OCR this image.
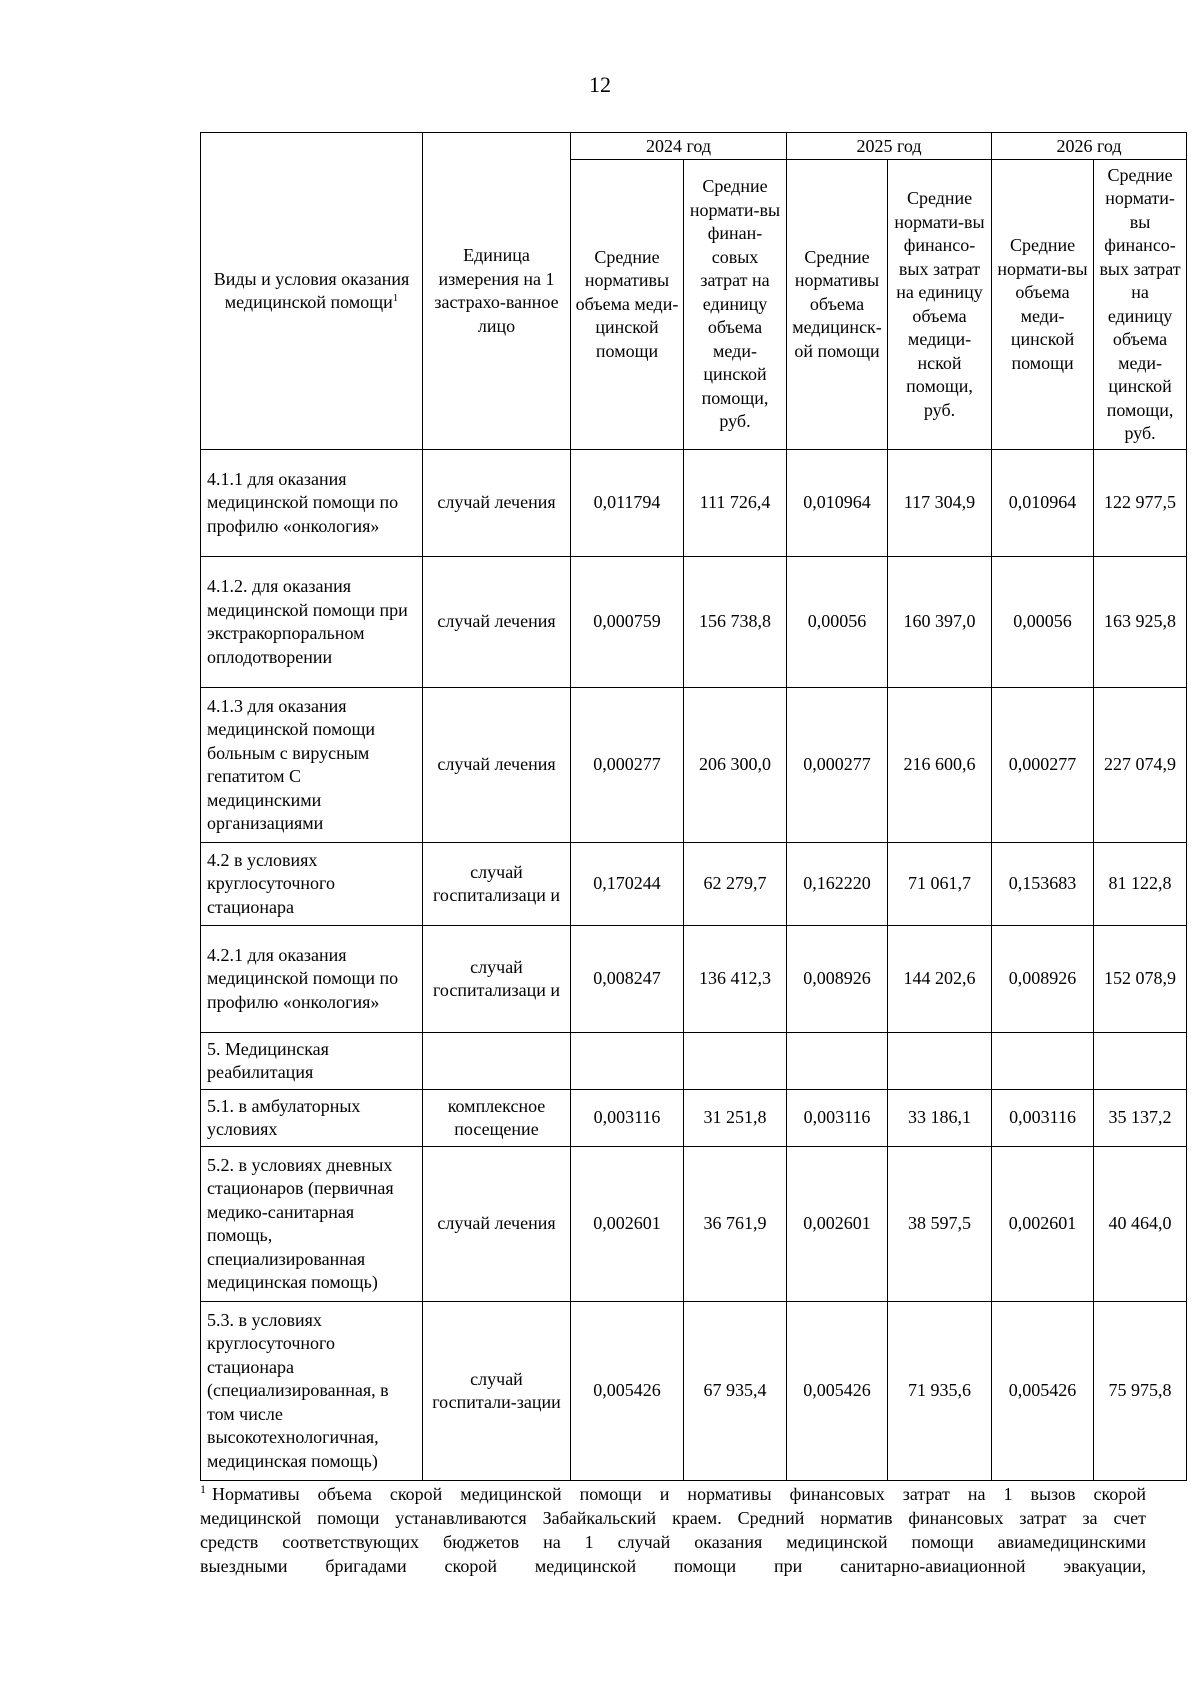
12
Виды и условия оказания медицинской помощи$^1$	Единица измерения на 1 застрахо-ванное лицо	2024 год		2025 год		2026 год	
		Средние нормативы объема меди-цинской помощи	Средние нормати-вы финан-совых затрат на единицу объема меди-цинской помощи, руб.	Средние нормативы объема медицинск-ой помощи	Средние нормати-вы финансо-вых затрат на единицу объема медици-нской помощи, руб.	Средние нормати-вы объема меди-цинской помощи	Средние нормати-вы финансо-вых затрат на единицу объема меди-цинской помощи, руб.
4.1.1 для оказания медицинской помощи по профилю «онкология»	случай лечения	0,011794	111 726,4	0,010964	117 304,9	0,010964	122 977,5
4.1.2. для оказания медицинской помощи при экстракорпоральном оплодотворении	случай лечения	0,000759	156 738,8	0,00056	160 397,0	0,00056	163 925,8
4.1.3 для оказания медицинской помощи больным с вирусным гепатитом С медицинскими организациями	случай лечения	0,000277	206 300,0	0,000277	216 600,6	0,000277	227 074,9
4.2 в условиях круглосуточного стационара	случай госпитализаци и	0,170244	62 279,7	0,162220	71 061,7	0,153683	81 122,8
4.2.1 для оказания медицинской помощи по профилю «онкология»	случай госпитализаци и	0,008247	136 412,3	0,008926	144 202,6	0,008926	152 078,9
5. Медицинская реабилитация							
5.1. в амбулаторных условиях	комплексное посещение	0,003116	31 251,8	0,003116	33 186,1	0,003116	35 137,2
5.2. в условиях дневных стационаров (первичная медико-санитарная помощь, специализированная медицинская помощь)	случай лечения	0,002601	36 761,9	0,002601	38 597,5	0,002601	40 464,0
5.3. в условиях круглосуточного стационара (специализированная, в том числе высокотехнологичная, медицинская помощь)	случай госпитали-зации	0,005426	67 935,4	0,005426	71 935,6	0,005426	75 975,8
$^1$ Нормативы объема скорой медицинской помощи и нормативы финансовых затрат на 1 вызов скорой
медицинской помощи устанавливаются Забайкальский краем. Средний норматив финансовых затрат за счет
средств соответствующих бюджетов на 1 случай оказания медицинской помощи авиамедицинскими
выездными бригадами скорой медицинской помощи при санитарно-авиационной эвакуации,
